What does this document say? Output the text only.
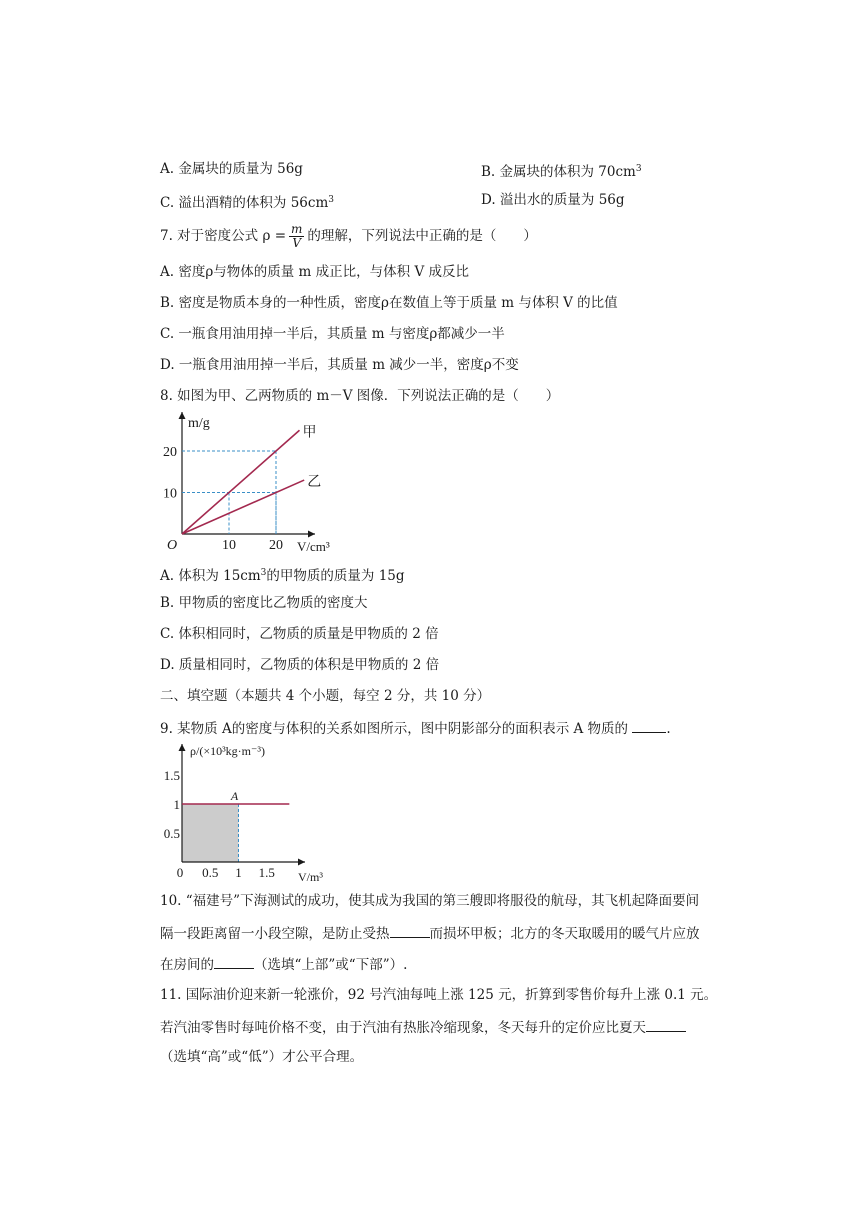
A. 金属块的质量为 56g	B. 金属块的体积为 $70cm^3$
C. 溢出酒精的体积为 $56cm^3$	D. 溢出水的质量为 56g
7. 对于密度公式 $\rho = \frac{m}{V}$ 的理解，下列说法中正确的是（　　）
A. 密度ρ与物体的质量 m 成正比，与体积 V 成反比
B. 密度是物质本身的一种性质，密度ρ在数值上等于质量 m 与体积 V 的比值
C. 一瓶食用油用掉一半后，其质量 m 与密度ρ都减少一半
D. 一瓶食用油用掉一半后，其质量 m 减少一半，密度ρ不变
8. 如图为甲、乙两物质的 m－V 图像．下列说法正确的是（　　）
甲
乙
10
20
10 20
O
m/g
V/cm³
A. 体积为 $15cm^3$的甲物质的质量为 15g
B. 甲物质的密度比乙物质的密度大
C. 体积相同时，乙物质的质量是甲物质的 2 倍
D. 质量相同时，乙物质的体积是甲物质的 2 倍
二、填空题（本题共 4 个小题，每空 2 分，共 10 分）
9. 某物质 A的密度与体积的关系如图所示，图中阴影部分的面积表示 A 物质的	.
A
0.5
1
1.5
0 0.5 1 1.5
ρ/(×10³kg·m⁻³)
V/m³
10. “福建号”下海测试的成功，使其成为我国的第三艘即将服役的航母，其飞机起降面要间
隔一段距离留一小段空隙，是防止受热	而损坏甲板；北方的冬天取暖用的暖气片应放
在房间的	（选填“上部”或“下部”）.
11. 国际油价迎来新一轮涨价，92 号汽油每吨上涨 125 元，折算到零售价每升上涨 0.1 元。
若汽油零售时每吨价格不变，由于汽油有热胀冷缩现象，冬天每升的定价应比夏天
（选填“高”或“低”）才公平合理。
